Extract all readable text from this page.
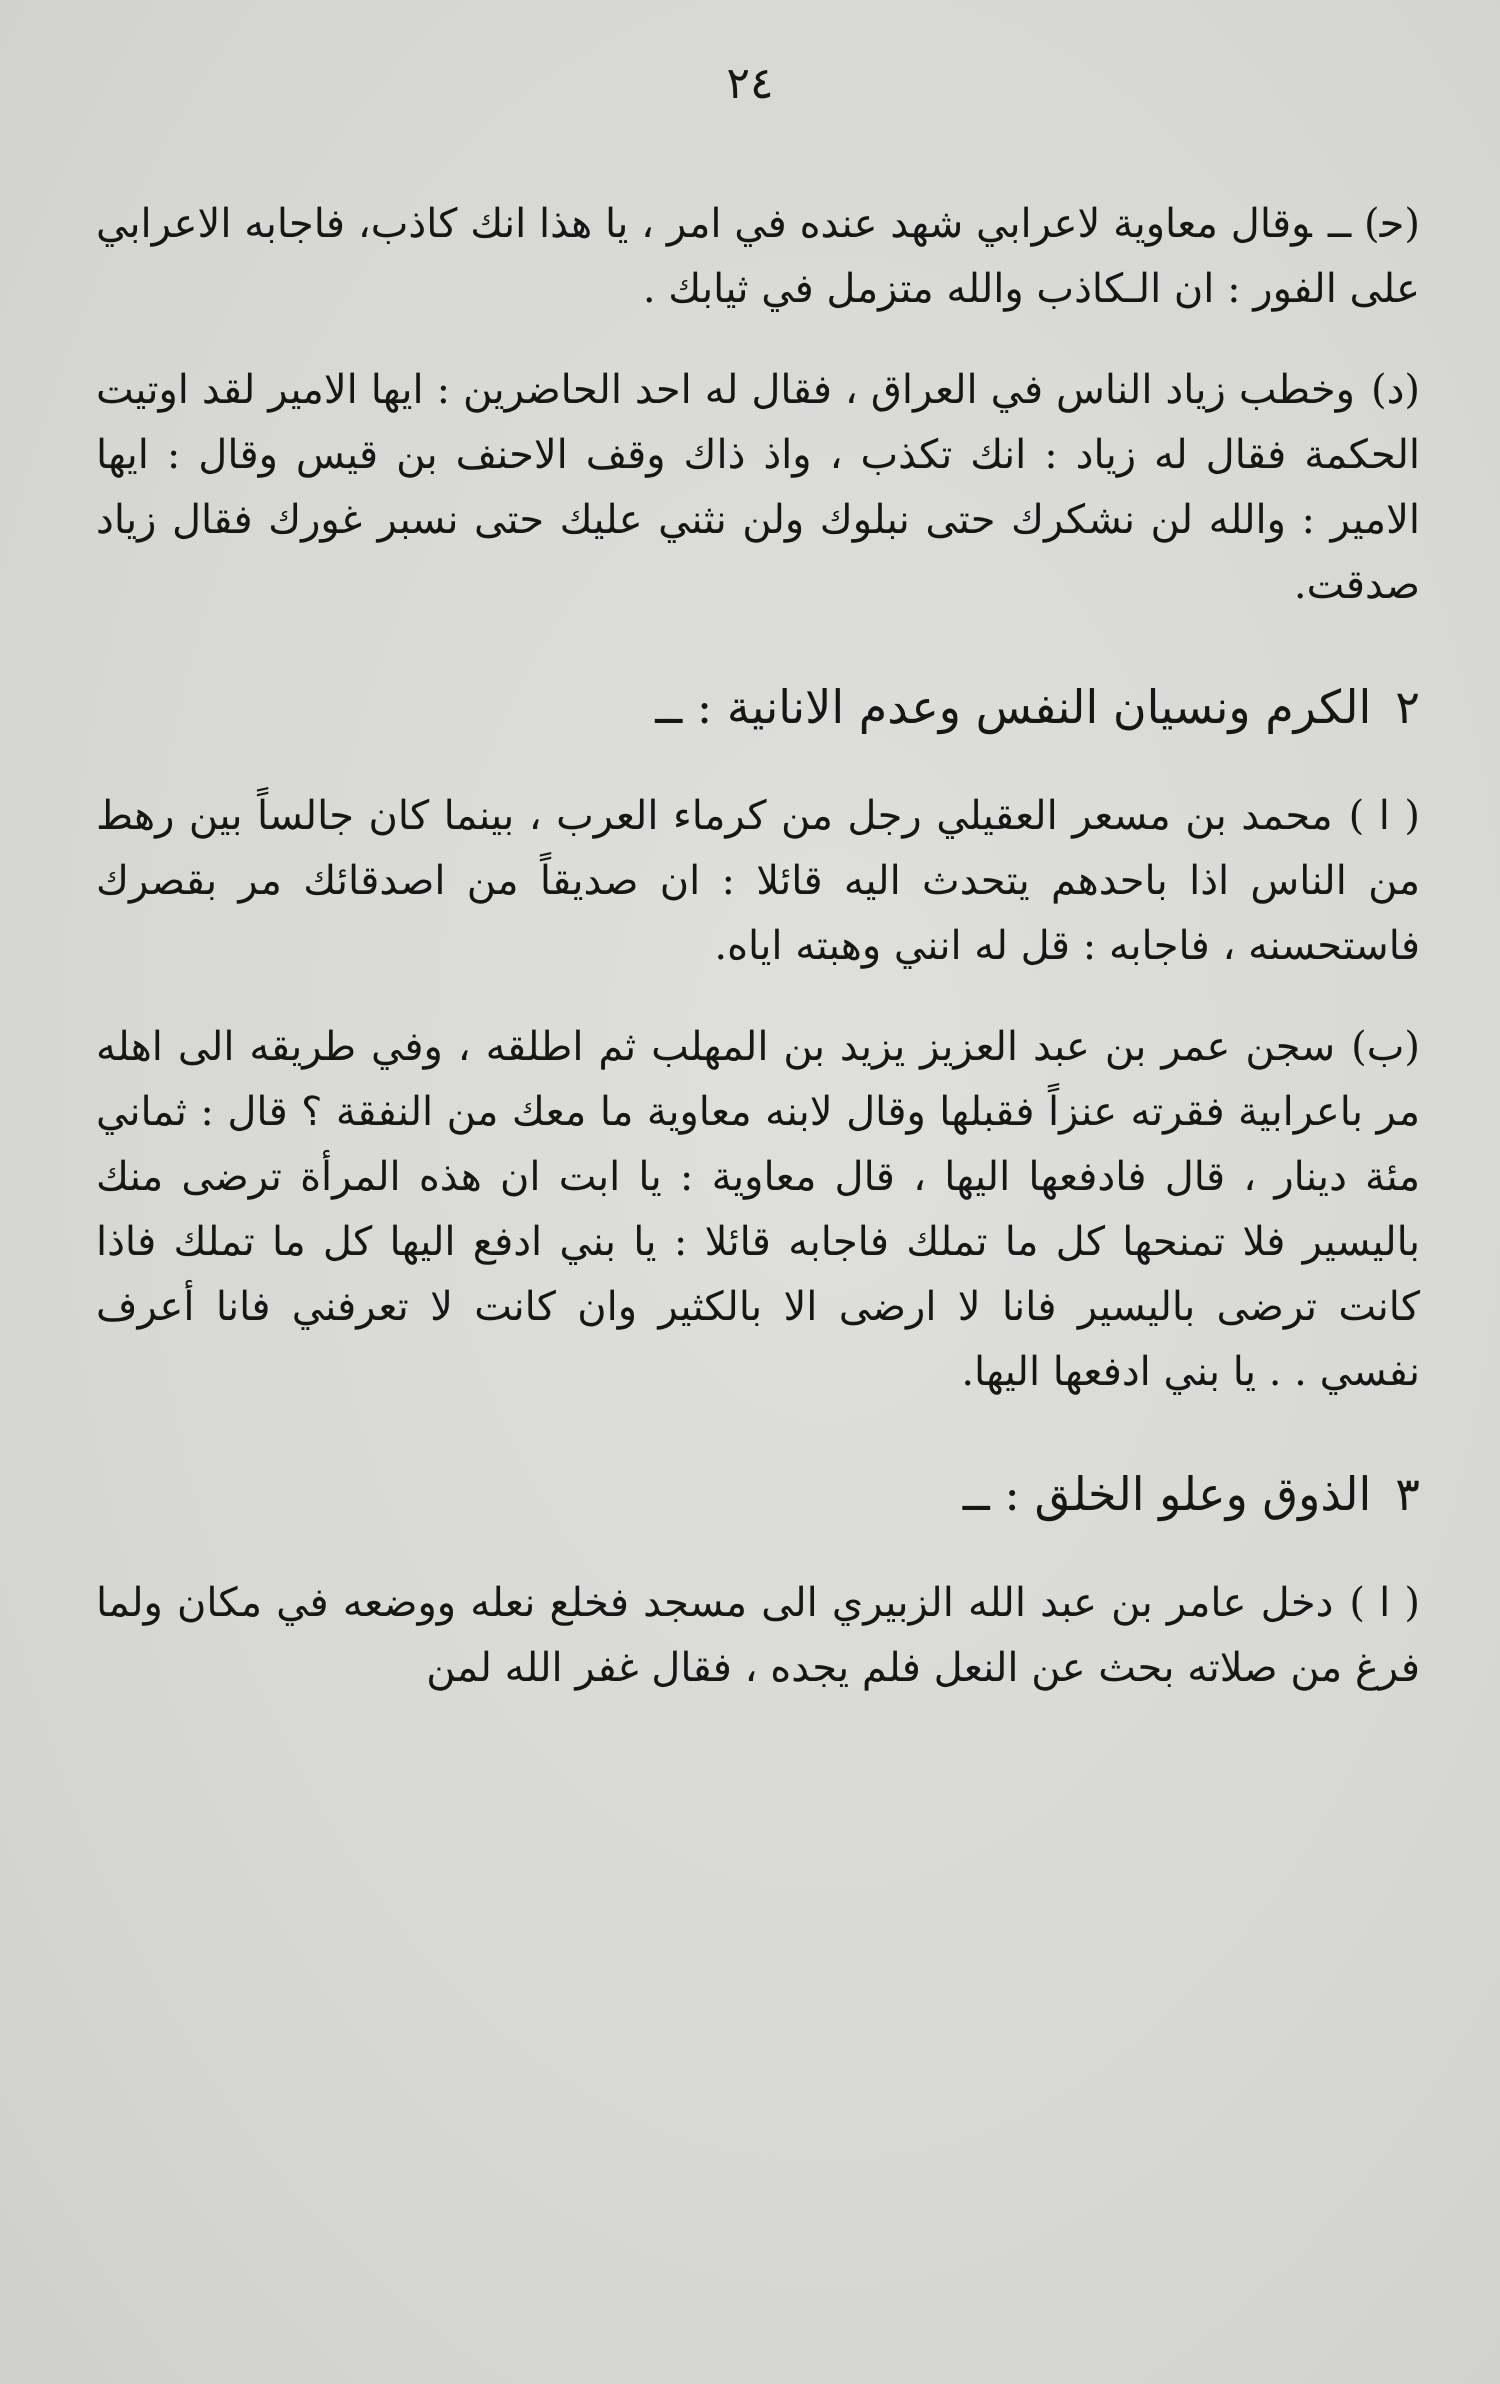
٢٤

(ﺣ) ــوقال معاوية لاعرابي شهد عنده في امر ، يا هذا انك كاذب، فاجابه الاعرابي على الفور : ان الـكاذب والله متزمل في ثيابك .

(د)وخطب زياد الناس في العراق ، فقال له احد الحاضرين : ايها الامير لقد اوتيت الحكمة فقال له زياد : انك تكذب ، واذ ذاك وقف الاحنف بن قيس وقال : ايها الامير : والله لن نشكرك حتى نبلوك ولن نثني عليك حتى نسبر غورك فقال زياد صدقت.

٢الكرم ونسيان النفس وعدم الانانية : ــ

( ا )محمد بن مسعر العقيلي رجل من كرماء العرب ، بينما كان جالساً بين رهط من الناس اذا باحدهم يتحدث اليه قائلا : ان صديقاً من اصدقائك مر بقصرك فاستحسنه ، فاجابه : قل له انني وهبته اياه.

(ب)سجن عمر بن عبد العزيز يزيد بن المهلب ثم اطلقه ، وفي طريقه الى اهله مر باعرابية فقرته عنزاً فقبلها وقال لابنه معاوية ما معك من النفقة ؟ قال : ثماني مئة دينار ، قال فادفعها اليها ، قال معاوية : يا ابت ان هذه المرأة ترضى منك باليسير فلا تمنحها كل ما تملك فاجابه قائلا : يا بني ادفع اليها كل ما تملك فاذا كانت ترضى باليسير فانا لا ارضى الا بالكثير وان كانت لا تعرفني فانا أعرف نفسي . . يا بني ادفعها اليها.

٣الذوق وعلو الخلق : ــ

( ا )دخل عامر بن عبد الله الزبيري الى مسجد فخلع نعله ووضعه في مكان ولما فرغ من صلاته بحث عن النعل فلم يجده ، فقال غفر الله لمن
